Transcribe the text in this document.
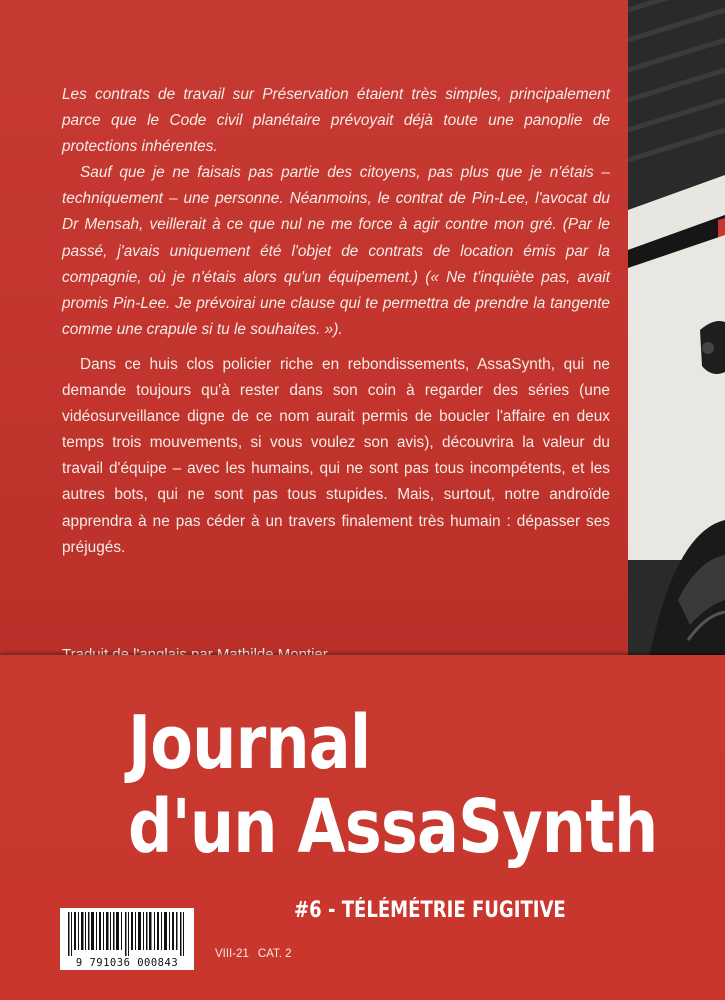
Les contrats de travail sur Préservation étaient très simples, principalement parce que le Code civil planétaire prévoyait déjà toute une panoplie de protections inhérentes.

Sauf que je ne faisais pas partie des citoyens, pas plus que je n'étais – techniquement – une personne. Néanmoins, le contrat de Pin-Lee, l'avocat du Dr Mensah, veillerait à ce que nul ne me force à agir contre mon gré. (Par le passé, j'avais uniquement été l'objet de contrats de location émis par la compagnie, où je n'étais alors qu'un équipement.) (« Ne t'inquiète pas, avait promis Pin-Lee. Je prévoirai une clause qui te permettra de prendre la tangente comme une crapule si tu le souhaites. »).

Dans ce huis clos policier riche en rebondissements, AssaSynth, qui ne demande toujours qu'à rester dans son coin à regarder des séries (une vidéosurveillance digne de ce nom aurait permis de boucler l'affaire en deux temps trois mouvements, si vous voulez son avis), découvrira la valeur du travail d'équipe – avec les humains, qui ne sont pas tous incompétents, et les autres bots, qui ne sont pas tous stupides. Mais, surtout, notre androïde apprendra à ne pas céder à un travers finalement très humain : dépasser ses préjugés.

Journal
d'un AssaSynth
#6 - TÉLÉMÉTRIE FUGITIVE
9 791036 000843
VIII-21 CAT. 2
